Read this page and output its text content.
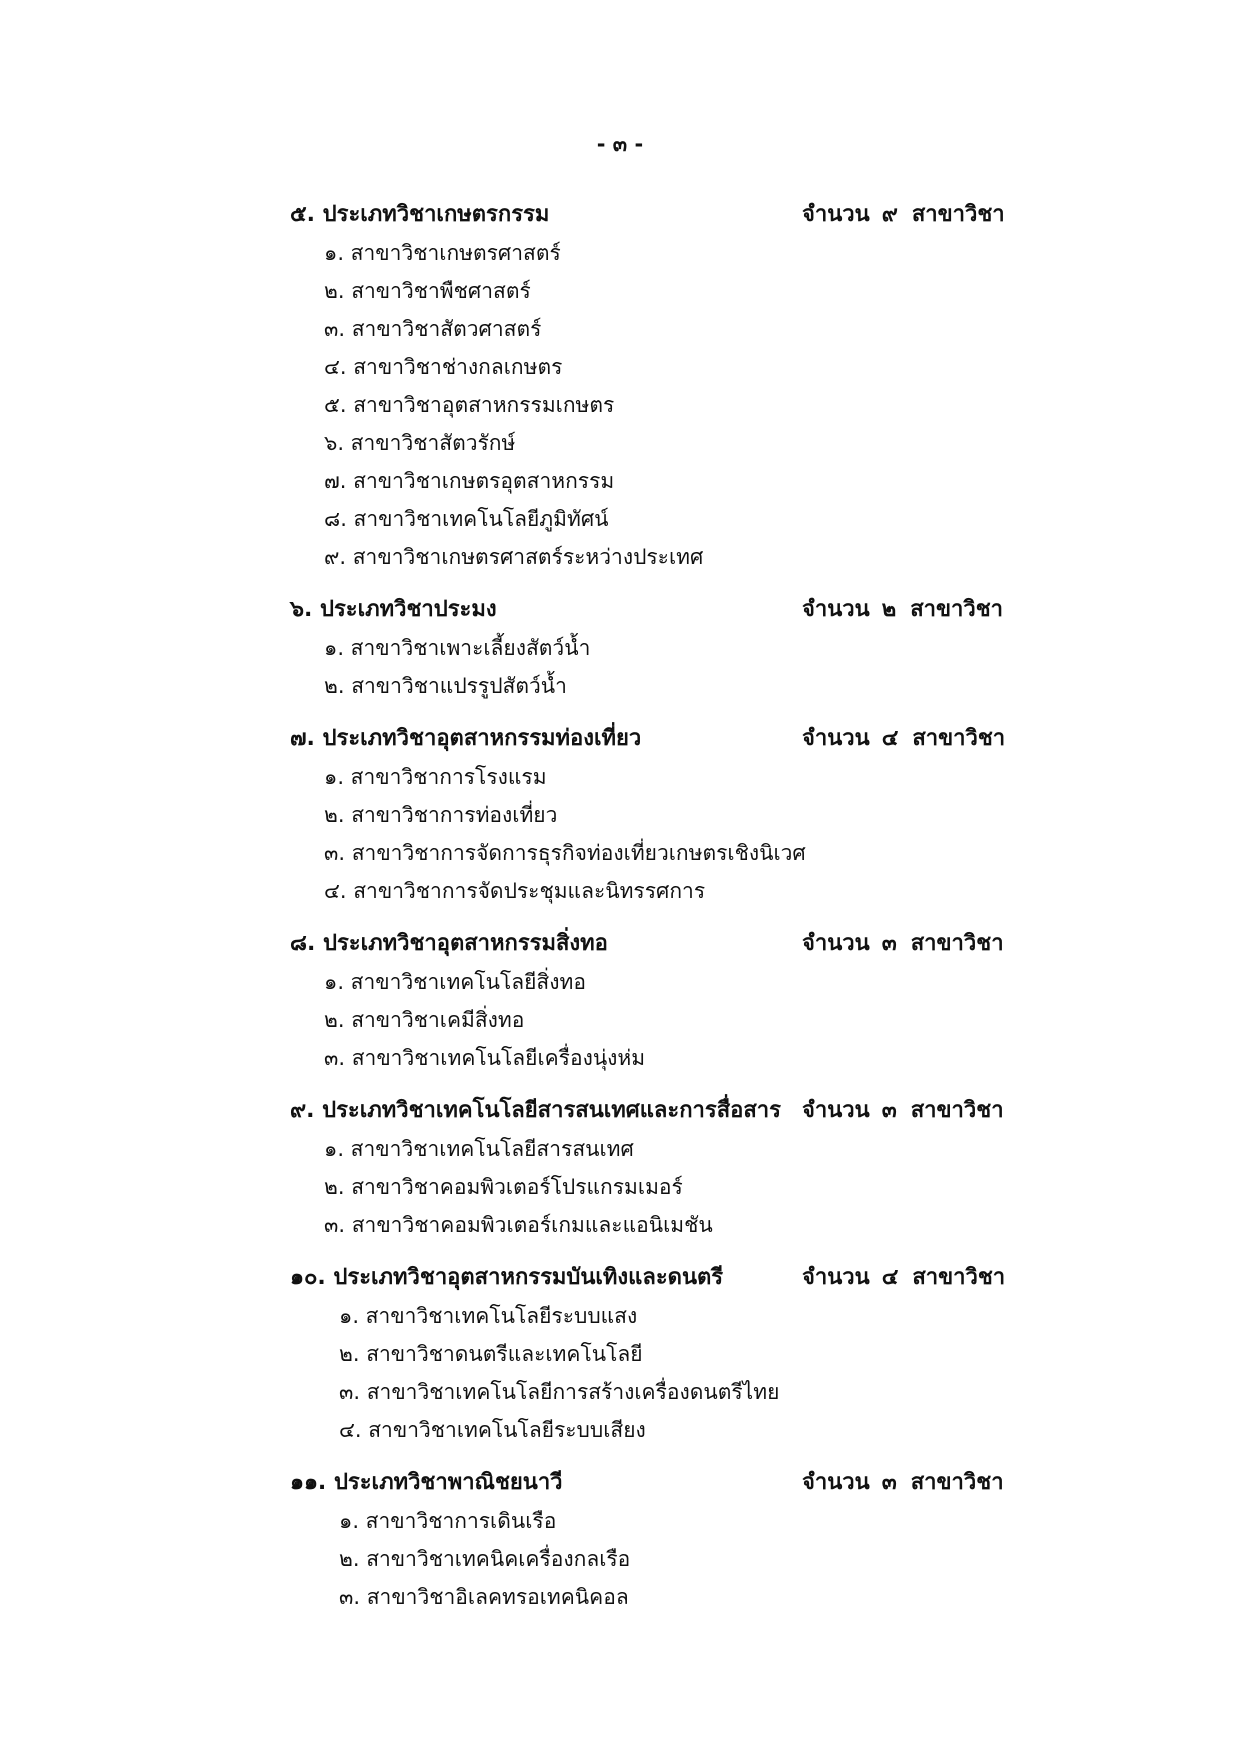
- ๓ -
๕. ประเภทวิชาเกษตรกรรม	จำนวน ๙ สาขาวิชา
๑. สาขาวิชาเกษตรศาสตร์
๒. สาขาวิชาพืชศาสตร์
๓. สาขาวิชาสัตวศาสตร์
๔. สาขาวิชาช่างกลเกษตร
๕. สาขาวิชาอุตสาหกรรมเกษตร
๖. สาขาวิชาสัตวรักษ์
๗. สาขาวิชาเกษตรอุตสาหกรรม
๘. สาขาวิชาเทคโนโลยีภูมิทัศน์
๙. สาขาวิชาเกษตรศาสตร์ระหว่างประเทศ
๖. ประเภทวิชาประมง	จำนวน ๒ สาขาวิชา
๑. สาขาวิชาเพาะเลี้ยงสัตว์น้ำ
๒. สาขาวิชาแปรรูปสัตว์น้ำ
๗. ประเภทวิชาอุตสาหกรรมท่องเที่ยว	จำนวน ๔ สาขาวิชา
๑. สาขาวิชาการโรงแรม
๒. สาขาวิชาการท่องเที่ยว
๓. สาขาวิชาการจัดการธุรกิจท่องเที่ยวเกษตรเชิงนิเวศ
๔. สาขาวิชาการจัดประชุมและนิทรรศการ
๘. ประเภทวิชาอุตสาหกรรมสิ่งทอ	จำนวน ๓ สาขาวิชา
๑. สาขาวิชาเทคโนโลยีสิ่งทอ
๒. สาขาวิชาเคมีสิ่งทอ
๓. สาขาวิชาเทคโนโลยีเครื่องนุ่งห่ม
๙. ประเภทวิชาเทคโนโลยีสารสนเทศและการสื่อสาร จำนวน ๓ สาขาวิชา
๑. สาขาวิชาเทคโนโลยีสารสนเทศ
๒. สาขาวิชาคอมพิวเตอร์โปรแกรมเมอร์
๓. สาขาวิชาคอมพิวเตอร์เกมและแอนิเมชัน
๑๐. ประเภทวิชาอุตสาหกรรมบันเทิงและดนตรี	จำนวน ๔ สาขาวิชา
๑. สาขาวิชาเทคโนโลยีระบบแสง
๒. สาขาวิชาดนตรีและเทคโนโลยี
๓. สาขาวิชาเทคโนโลยีการสร้างเครื่องดนตรีไทย
๔. สาขาวิชาเทคโนโลยีระบบเสียง
๑๑. ประเภทวิชาพาณิชยนาวี	จำนวน ๓ สาขาวิชา
๑. สาขาวิชาการเดินเรือ
๒. สาขาวิชาเทคนิคเครื่องกลเรือ
๓. สาขาวิชาอิเลคทรอเทคนิคอล
